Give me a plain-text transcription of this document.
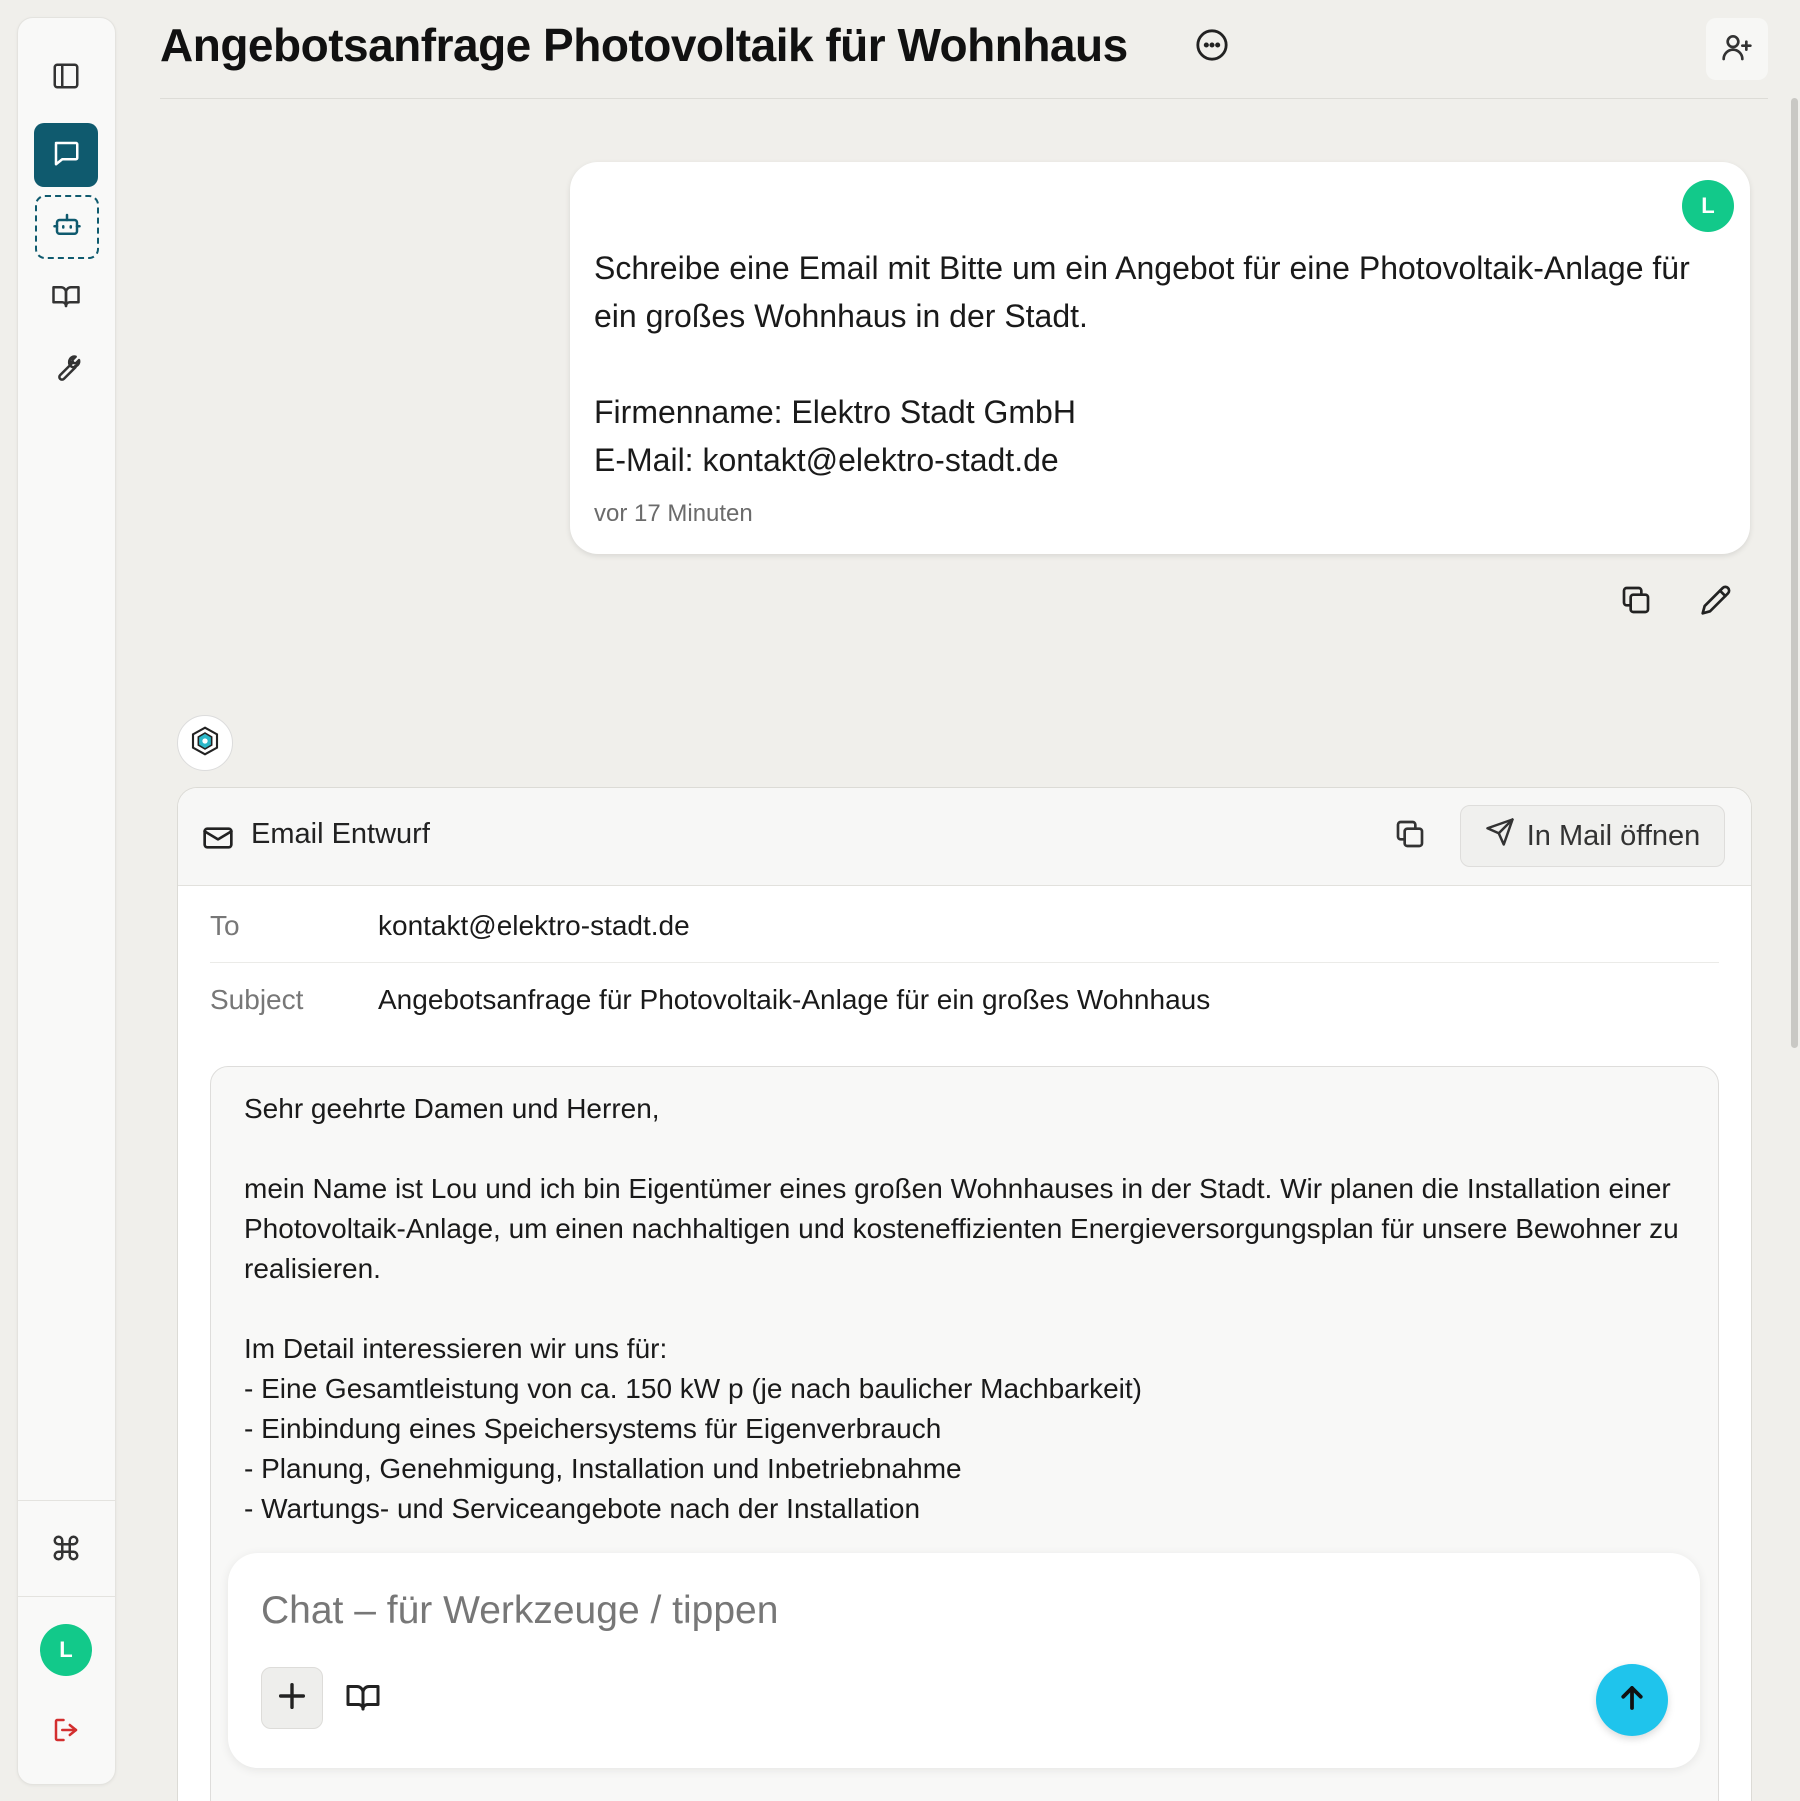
L
Angebotsanfrage Photovoltaik für Wohnhaus
L

Schreibe eine Email mit Bitte um ein Angebot für eine Photovoltaik-Anlage für ein großes Wohnhaus in der Stadt.

Firmenname: Elektro Stadt GmbH
E-Mail: kontakt@elektro-stadt.de

vor 17 Minuten
Email Entwurf	In Mail öffnen
To	kontakt@elektro-stadt.de
Subject	Angebotsanfrage für Photovoltaik-Anlage für ein großes Wohnhaus

Sehr geehrte Damen und Herren,

mein Name ist Lou und ich bin Eigentümer eines großen Wohnhauses in der Stadt. Wir planen die Installation einer Photovoltaik-Anlage, um einen nachhaltigen und kosteneffizienten Energieversorgungsplan für unsere Bewohner zu realisieren.

Im Detail interessieren wir uns für:
- Eine Gesamtleistung von ca. 150 kW p (je nach baulicher Machbarkeit)
- Einbindung eines Speichersystems für Eigenverbrauch
- Planung, Genehmigung, Installation und Inbetriebnahme
- Wartungs- und Serviceangebote nach der Installation

Chat – für Werkzeuge / tippen
